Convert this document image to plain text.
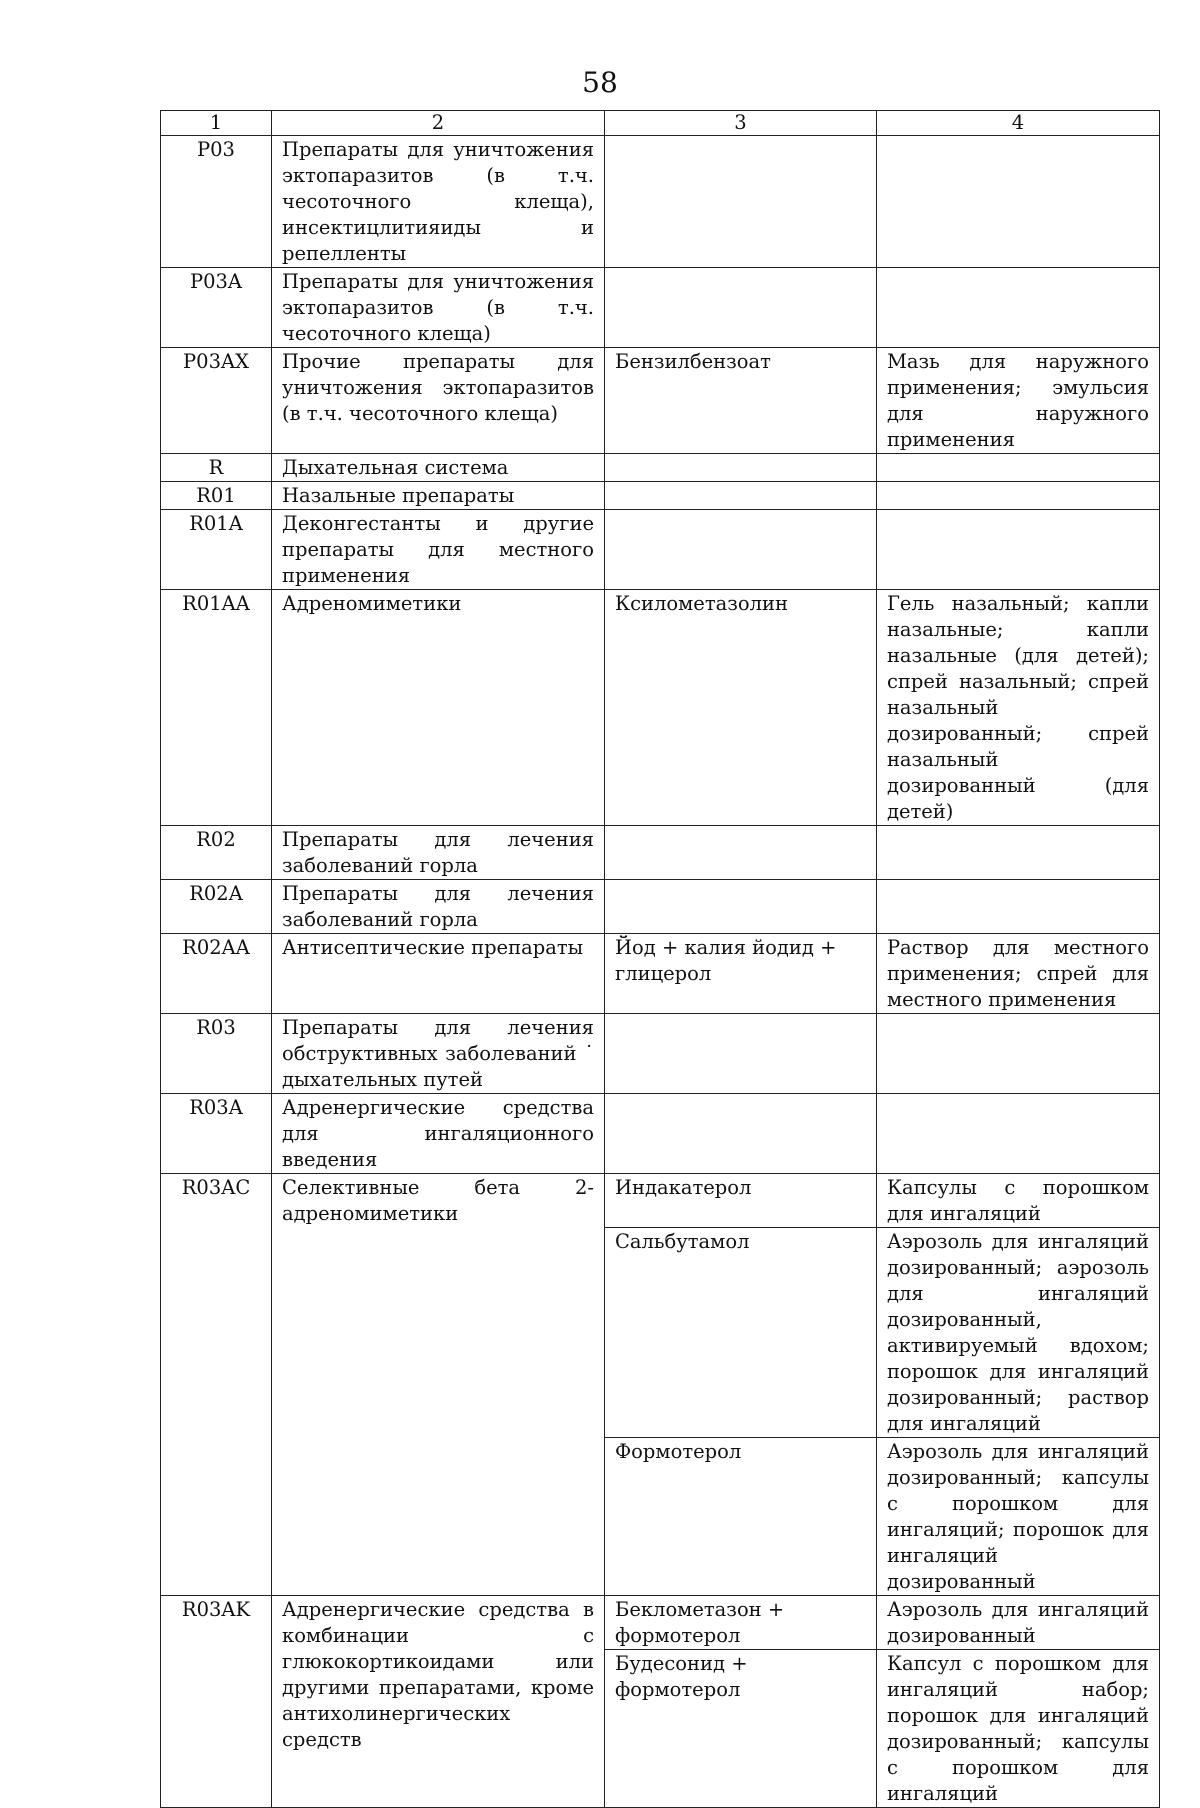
58
1	2	3	4
P03	Препараты для уничтожения эктопаразитов (в т.ч. чесоточного клеща), инсектицлитияиды и репелленты		
P03A	Препараты для уничтожения эктопаразитов (в т.ч. чесоточного клеща)		
P03AX	Прочие препараты для уничтожения эктопаразитов (в т.ч. чесоточного клеща)	Бензилбензоат	Мазь для наружного применения; эмульсия для наружного применения
R	Дыхательная система		
R01	Назальные препараты		
R01A	Деконгестанты и другие препараты для местного применения		
R01AA	Адреномиметики	Ксилометазолин	Гель назальный; капли назальные; капли назальные (для детей); спрей назальный; спрей назальный дозированный; спрей назальный дозированный (для детей)
R02	Препараты для лечения заболеваний горла		
R02A	Препараты для лечения заболеваний горла		
R02AA	Антисептические препараты	Йод + калия йодид + глицерол	Раствор для местного применения; спрей для местного применения
R03	Препараты для лечения обструктивных заболеваний ˙ дыхательных путей		
R03A	Адренергические средства для ингаляционного введения		
R03AC	Селективные бета 2-адреномиметики	Индакатерол	Капсулы с порошком для ингаляций
		Сальбутамол	Аэрозоль для ингаляций дозированный; аэрозоль для ингаляций дозированный, активируемый вдохом; порошок для ингаляций дозированный; раствор для ингаляций
		Формотерол	Аэрозоль для ингаляций дозированный; капсулы с порошком для ингаляций; порошок для ингаляций дозированный
R03AK	Адренергические средства в комбинации с глюкокортикоидами или другими препаратами, кроме антихолинергических средств	Беклометазон + формотерол	Аэрозоль для ингаляций дозированный
		Будесонид + формотерол	Капсул с порошком для ингаляций набор; порошок для ингаляций дозированный; капсулы с порошком для ингаляций
